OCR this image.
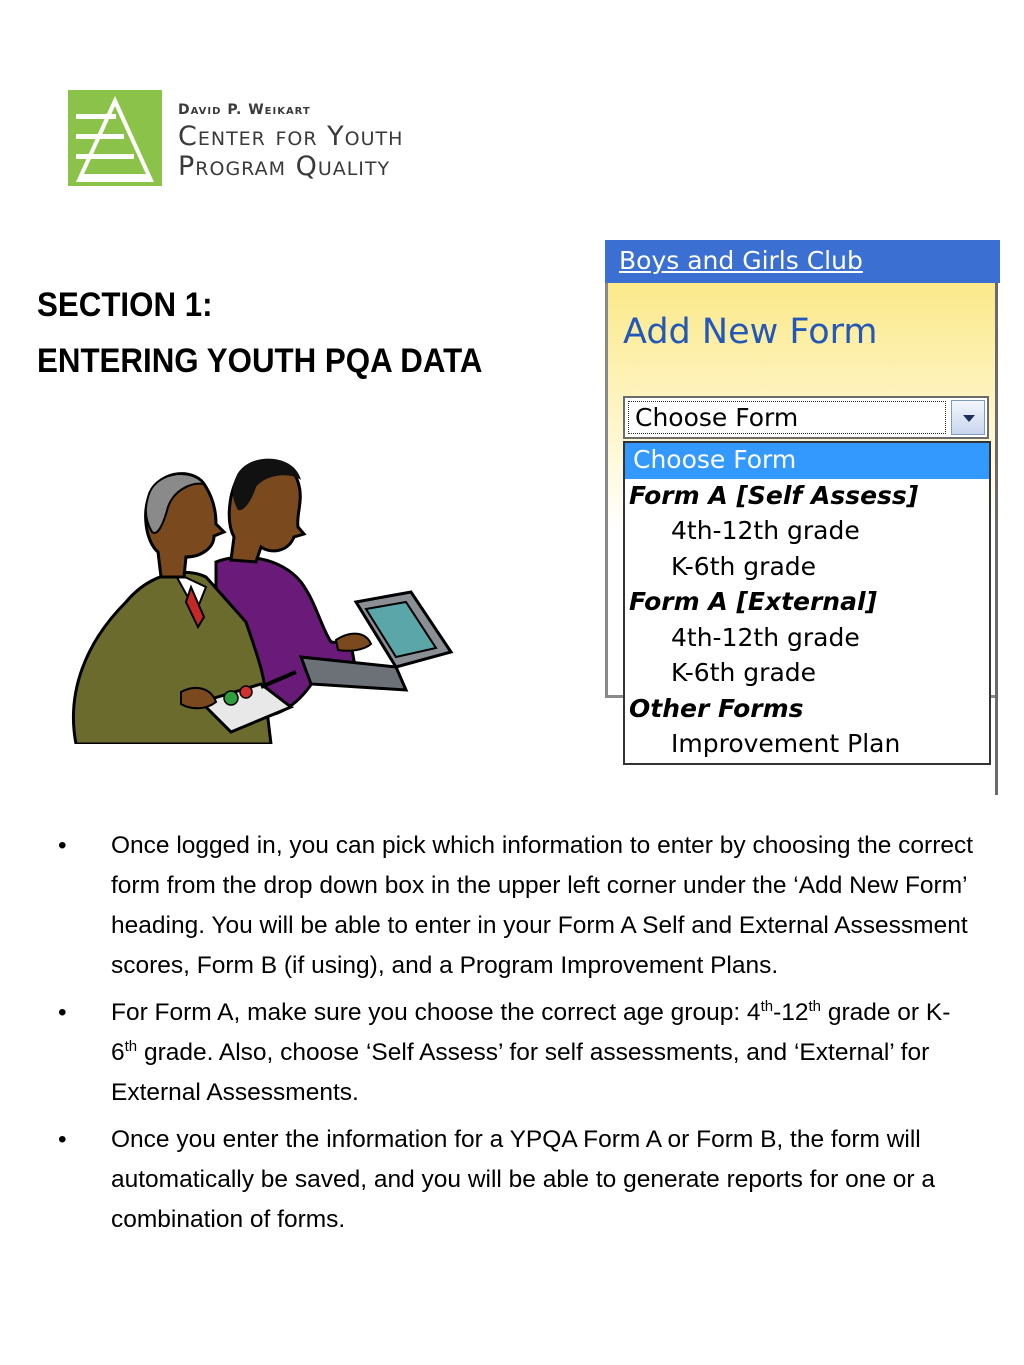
David P. Weikart
Center for Youth
Program Quality
SECTION 1:
ENTERING YOUTH PQA DATA
Boys and Girls Club
Add New Form
Choose Form
Choose Form
Form A [Self Assess]
4th-12th grade
K-6th grade
Form A [External]
4th-12th grade
K-6th grade
Other Forms
Improvement Plan
• Once logged in, you can pick which information to enter by choosing the correct form from the drop down box in the upper left corner under the ‘Add New Form’ heading. You will be able to enter in your Form A Self and External Assessment scores, Form B (if using), and a Program Improvement Plans.
• For Form A, make sure you choose the correct age group: 4th-12th grade or K-6th grade. Also, choose ‘Self Assess’ for self assessments, and ‘External’ for External Assessments.
• Once you enter the information for a YPQA Form A or Form B, the form will automatically be saved, and you will be able to generate reports for one or a combination of forms.
